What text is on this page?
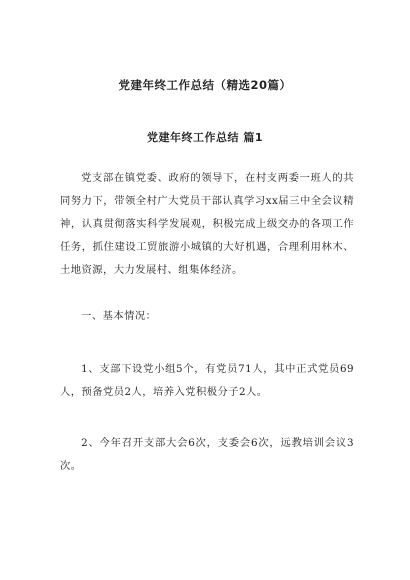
党建年终工作总结（精选20篇）
党建年终工作总结 篇1

党支部在镇党委、政府的领导下，在村支两委一班人的共同努力下，带领全村广大党员干部认真学习xx届三中全会议精神，认真贯彻落实科学发展观，积极完成上级交办的各项工作任务，抓住建设工贸旅游小城镇的大好机遇，合理利用林木、土地资源，大力发展村、组集体经济。

一、基本情况：

1、支部下设党小组5个，有党员71人，其中正式党员69人，预备党员2人，培养入党积极分子2人。

2、今年召开支部大会6次，支委会6次，远教培训会议3次。
